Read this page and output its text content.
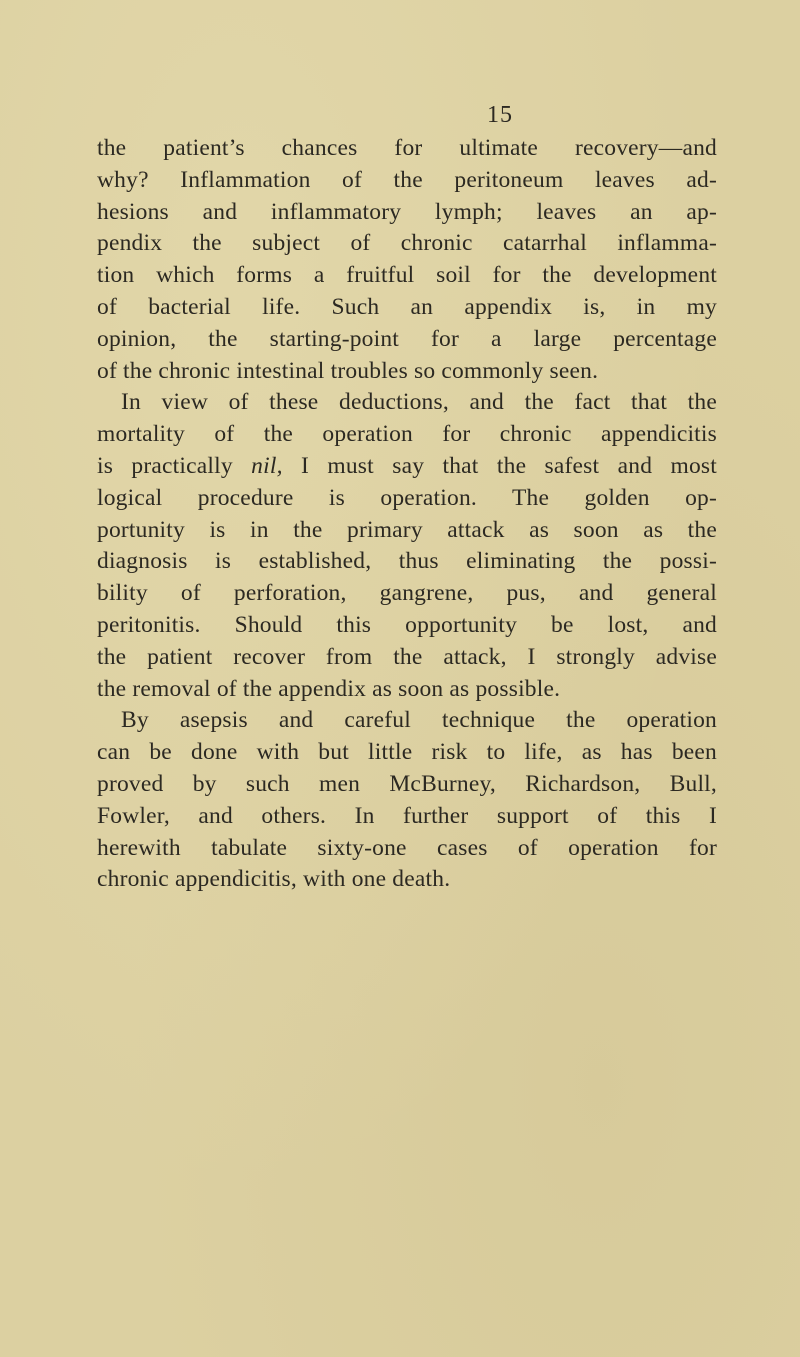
15
the patient’s chances for ultimate recovery—and
why? Inflammation of the peritoneum leaves ad-
hesions and inflammatory lymph; leaves an ap-
pendix the subject of chronic catarrhal inflamma-
tion which forms a fruitful soil for the development
of bacterial life. Such an appendix is, in my
opinion, the starting-point for a large percentage
of the chronic intestinal troubles so commonly seen.
In view of these deductions, and the fact that the
mortality of the operation for chronic appendicitis
is practically nil, I must say that the safest and most
logical procedure is operation. The golden op-
portunity is in the primary attack as soon as the
diagnosis is established, thus eliminating the possi-
bility of perforation, gangrene, pus, and general
peritonitis. Should this opportunity be lost, and
the patient recover from the attack, I strongly advise
the removal of the appendix as soon as possible.
By asepsis and careful technique the operation
can be done with but little risk to life, as has been
proved by such men McBurney, Richardson, Bull,
Fowler, and others. In further support of this I
herewith tabulate sixty-one cases of operation for
chronic appendicitis, with one death.
